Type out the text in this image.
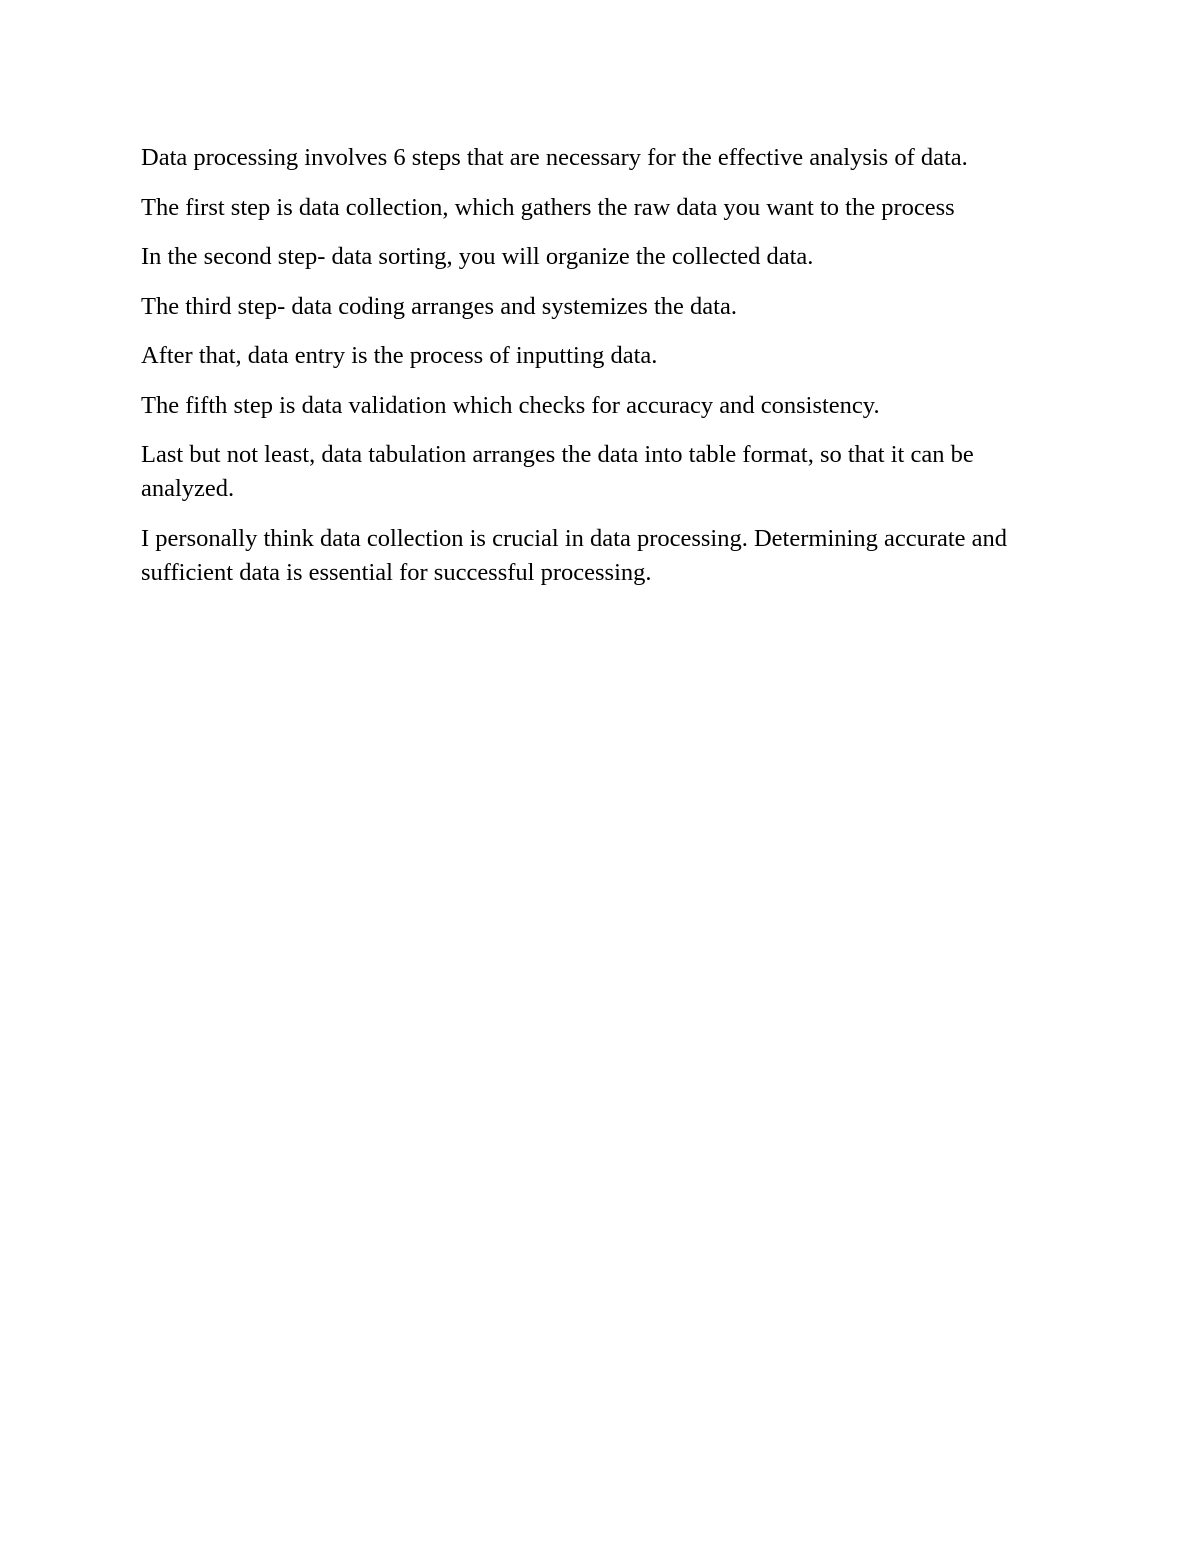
Data processing involves 6 steps that are necessary for the effective analysis of data.

The first step is data collection, which gathers the raw data you want to the process

In the second step- data sorting, you will organize the collected data.

The third step- data coding arranges and systemizes the data.

After that, data entry is the process of inputting data.

The fifth step is data validation which checks for accuracy and consistency.

Last but not least, data tabulation arranges the data into table format, so that it can be analyzed.

I personally think data collection is crucial in data processing. Determining accurate and sufficient data is essential for successful processing.
